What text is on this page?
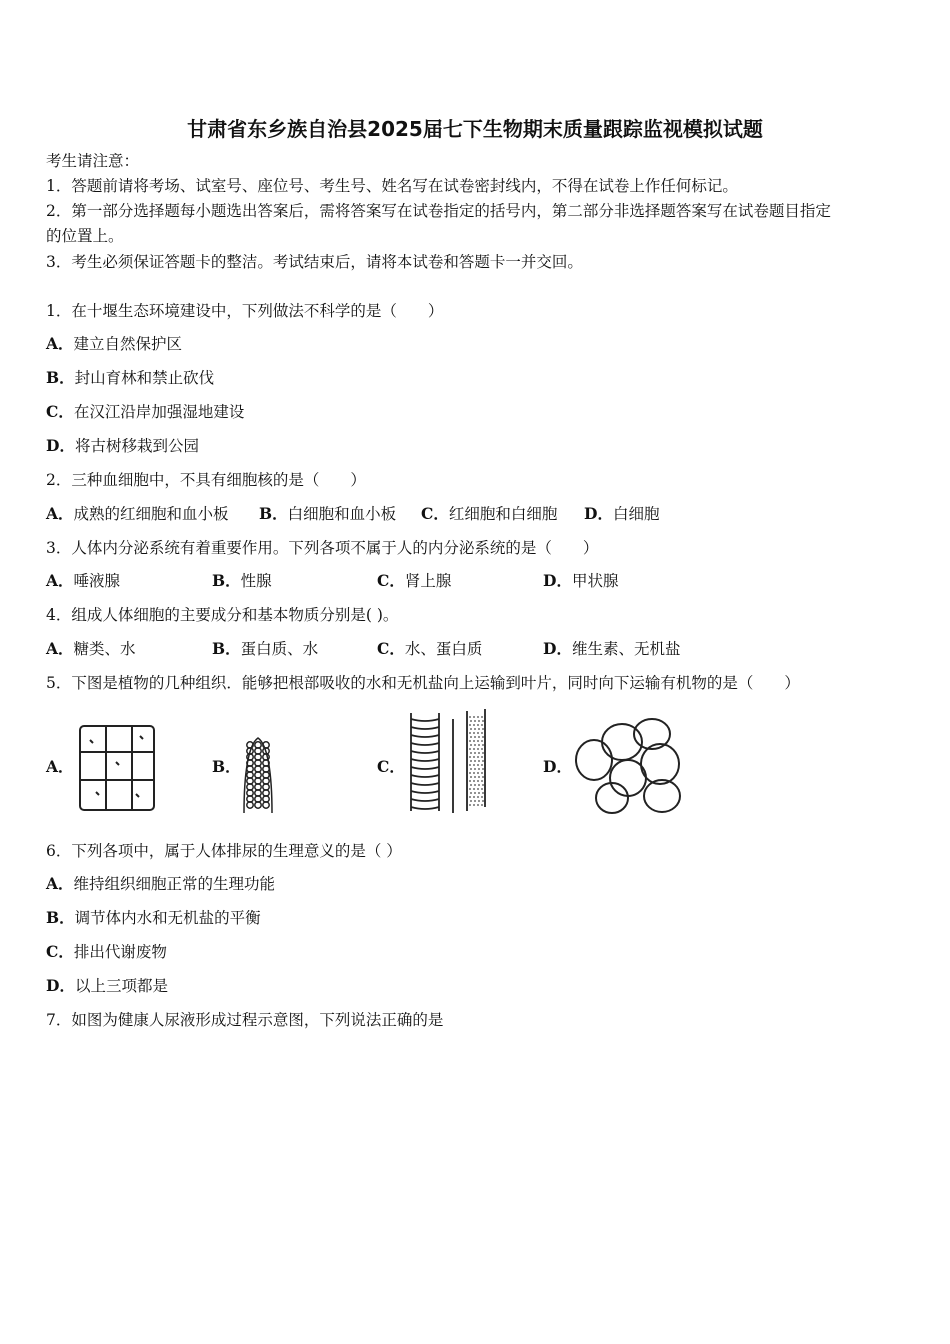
甘肃省东乡族自治县2025届七下生物期末质量跟踪监视模拟试题
考生请注意：
1．答题前请将考场、试室号、座位号、考生号、姓名写在试卷密封线内，不得在试卷上作任何标记。
2．第一部分选择题每小题选出答案后，需将答案写在试卷指定的括号内，第二部分非选择题答案写在试卷题目指定
的位置上。
3．考生必须保证答题卡的整洁。考试结束后，请将本试卷和答题卡一并交回。
1．在十堰生态环境建设中，下列做法不科学的是（　　）
A．建立自然保护区
B．封山育林和禁止砍伐
C．在汉江沿岸加强湿地建设
D．将古树移栽到公园
2．三种血细胞中，不具有细胞核的是（　　）
A．成熟的红细胞和血小板 B．白细胞和血小板 C．红细胞和白细胞 D．白细胞
3．人体内分泌系统有着重要作用。下列各项不属于人的内分泌系统的是（　　）
A．唾液腺	B．性腺	C．肾上腺	D．甲状腺
4．组成人体细胞的主要成分和基本物质分别是( )。
A．糖类、水	B．蛋白质、水	C．水、蛋白质	D．维生素、无机盐
5．下图是植物的几种组织．能够把根部吸收的水和无机盐向上运输到叶片，同时向下运输有机物的是（　　）
A．	B．	C．	D．
6．下列各项中，属于人体排尿的生理意义的是（ ）
A．维持组织细胞正常的生理功能
B．调节体内水和无机盐的平衡
C．排出代谢废物
D．以上三项都是
7．如图为健康人尿液形成过程示意图，下列说法正确的是
